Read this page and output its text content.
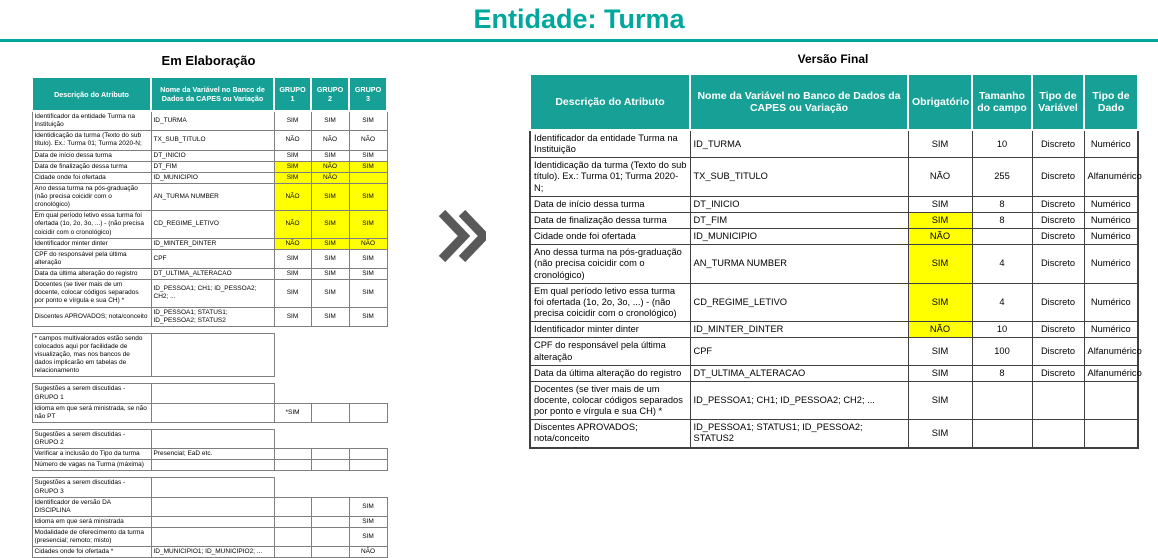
Entidade: Turma
Em Elaboração
Descrição do Atributo	Nome da Variável no Banco de Dados da CAPES ou Variação	GRUPO 1	GRUPO 2	GRUPO 3
Identificador da entidade Turma na Instituição	ID_TURMA	SIM	SIM	SIM
Identidicação da turma (Texto do sub título). Ex.: Turma 01; Turma 2020-N;	TX_SUB_TITULO	NÃO	NÃO	NÃO
Data de início dessa turma	DT_INICIO	SIM	SIM	SIM
Data de finalização dessa turma	DT_FIM	SIM	NÃO	SIM
Cidade onde foi ofertada	ID_MUNICIPIO	SIM	NÃO	
Ano dessa turma na pós-graduação (não precisa coicidir com o cronológico)	AN_TURMA NUMBER	NÃO	SIM	SIM
Em qual período letivo essa turma foi ofertada (1o, 2o, 3o, ...) - (não precisa coicidir com o cronológico)	CD_REGIME_LETIVO	NÃO	SIM	SIM
Identificador minter dinter	ID_MINTER_DINTER	NÃO	SIM	NÃO
CPF do responsável pela última alteração	CPF	SIM	SIM	SIM
Data da última alteração do registro	DT_ULTIMA_ALTERACAO	SIM	SIM	SIM
Docentes (se tiver mais de um docente, colocar códigos separados por ponto e vírgula e sua CH) *	ID_PESSOA1; CH1; ID_PESSOA2; CH2; ...	SIM	SIM	SIM
Discentes APROVADOS; nota/conceito	ID_PESSOA1; STATUS1; ID_PESSOA2; STATUS2	SIM	SIM	SIM

* campos multivalorados estão sendo colocados aqui por facilidade de visualização, mas nos bancos de dados implicarão em tabelas de relacionamento				

Sugestões a serem discutidas - GRUPO 1				
Idioma em que será ministrada, se não não PT		*SIM		

Sugestões a serem discutidas - GRUPO 2				
Verificar a inclusão do Tipo da turma	Presencial; EaD etc.			
Número de vagas na Turma (máxima)				

Sugestões a serem discutidas - GRUPO 3				
Identificador de versão DA DISCIPLINA				SIM
Idioma em que será ministrada				SIM
Modalidade de oferecimento da turma (presencial; remoto; misto)				SIM
Cidades onde foi ofertada *	ID_MUNICIPIO1; ID_MUNICIPIO2; ...			NÃO
Versão Final
Descrição do Atributo	Nome da Variável no Banco de Dados da CAPES ou Variação	Obrigatório	Tamanho do campo	Tipo de Variável	Tipo de Dado
Identificador da entidade Turma na Instituição	ID_TURMA	SIM	10	Discreto	Numérico
Identidicação da turma (Texto do sub título). Ex.: Turma 01; Turma 2020-N;	TX_SUB_TITULO	NÃO	255	Discreto	Alfanumérico
Data de início dessa turma	DT_INICIO	SIM	8	Discreto	Numérico
Data de finalização dessa turma	DT_FIM	SIM	8	Discreto	Numérico
Cidade onde foi ofertada	ID_MUNICIPIO	NÃO		Discreto	Numérico
Ano dessa turma na pós-graduação (não precisa coicidir com o cronológico)	AN_TURMA NUMBER	SIM	4	Discreto	Numérico
Em qual período letivo essa turma foi ofertada (1o, 2o, 3o, ...) - (não precisa coicidir com o cronológico)	CD_REGIME_LETIVO	SIM	4	Discreto	Numérico
Identificador minter dinter	ID_MINTER_DINTER	NÃO	10	Discreto	Numérico
CPF do responsável pela última alteração	CPF	SIM	100	Discreto	Alfanumérico
Data da última alteração do registro	DT_ULTIMA_ALTERACAO	SIM	8	Discreto	Alfanumérico
Docentes (se tiver mais de um docente, colocar códigos separados por ponto e vírgula e sua CH) *	ID_PESSOA1; CH1; ID_PESSOA2; CH2; ...	SIM			
Discentes APROVADOS; nota/conceito	ID_PESSOA1; STATUS1; ID_PESSOA2; STATUS2	SIM			
